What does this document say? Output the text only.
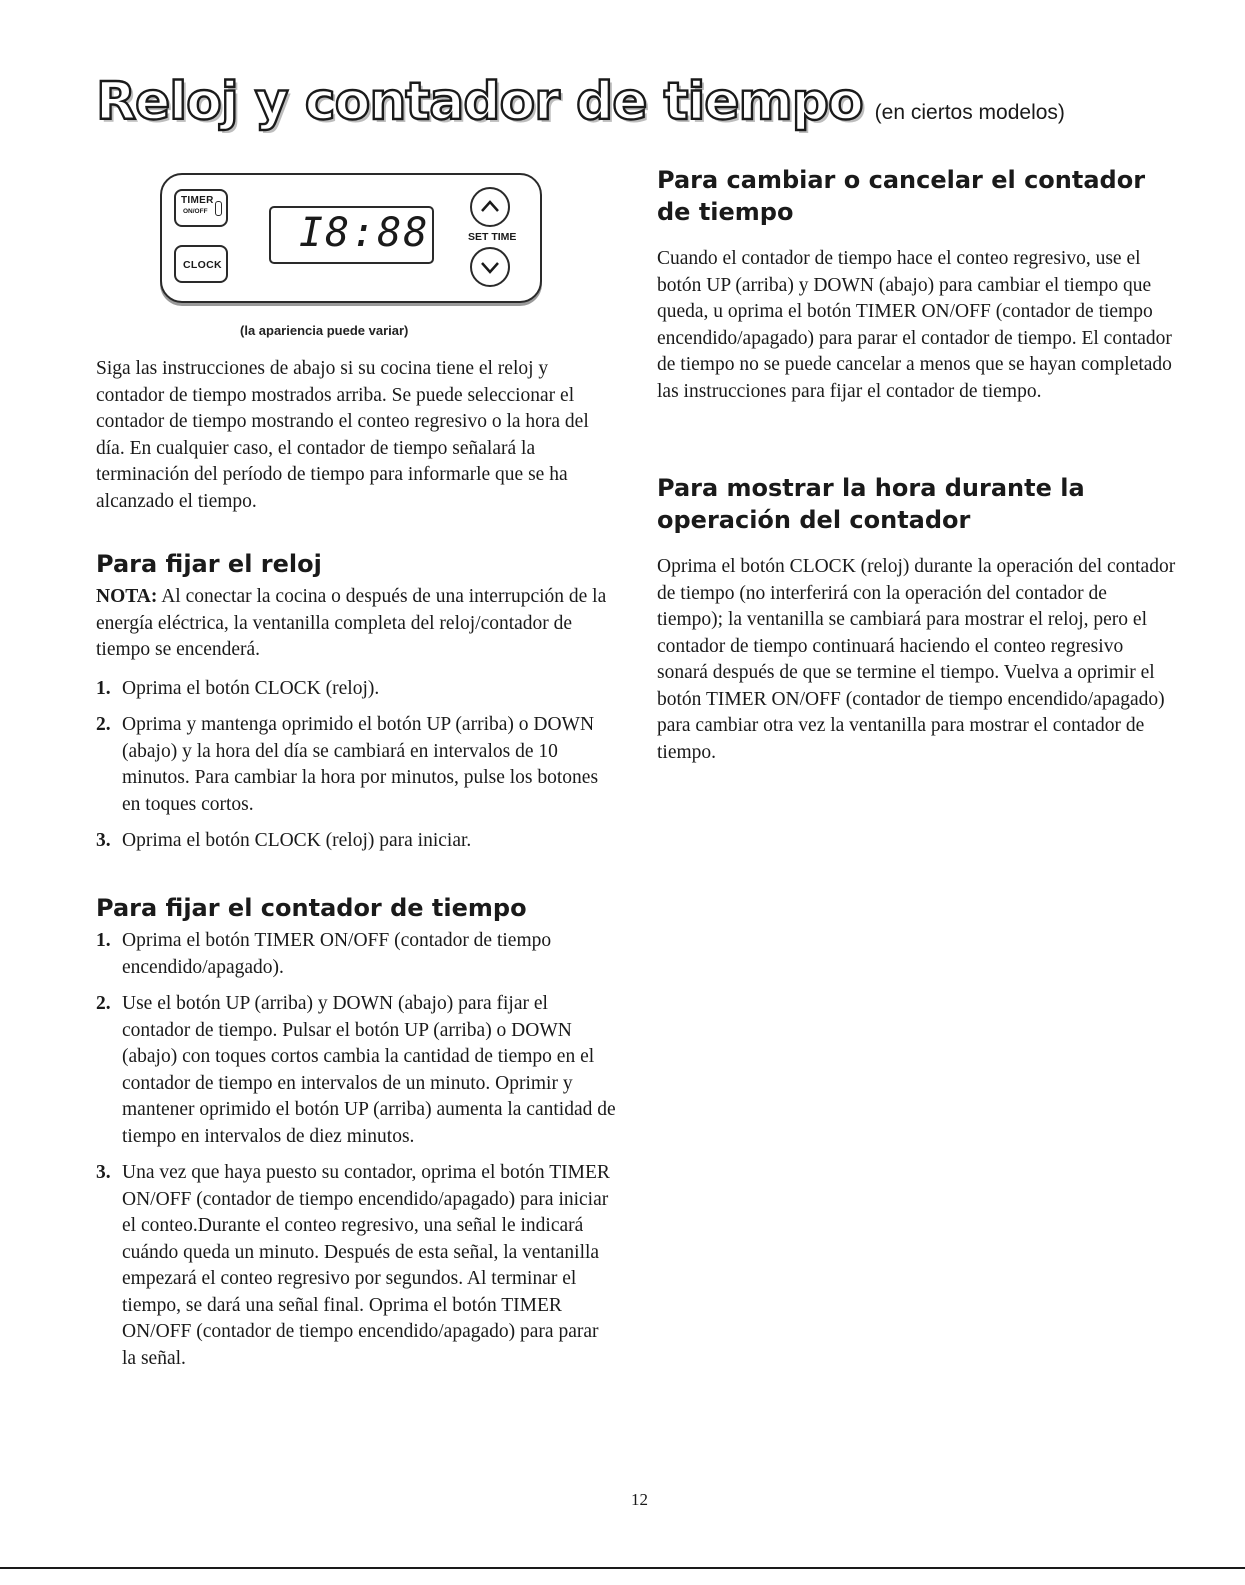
Reloj y contador de tiempo (en ciertos modelos)
TIMER
ON/OFF
CLOCK
I8:88	SET TIME
(la apariencia puede variar)

Siga las instrucciones de abajo si su cocina tiene el reloj y contador de tiempo mostrados arriba. Se puede seleccionar el contador de tiempo mostrando el conteo regresivo o la hora del día. En cualquier caso, el contador de tiempo señalará la terminación del período de tiempo para informarle que se ha alcanzado el tiempo.

Para fijar el reloj

NOTA: Al conectar la cocina o después de una interrupción de la energía eléctrica, la ventanilla completa del reloj/contador de tiempo se encenderá.

1. Oprima el botón CLOCK (reloj).
2. Oprima y mantenga oprimido el botón UP (arriba) o DOWN (abajo) y la hora del día se cambiará en intervalos de 10 minutos. Para cambiar la hora por minutos, pulse los botones en toques cortos.
3. Oprima el botón CLOCK (reloj) para iniciar.
Para fijar el contador de tiempo
1. Oprima el botón TIMER ON/OFF (contador de tiempo encendido/apagado).
2. Use el botón UP (arriba) y DOWN (abajo) para fijar el contador de tiempo. Pulsar el botón UP (arriba) o DOWN (abajo) con toques cortos cambia la cantidad de tiempo en el contador de tiempo en intervalos de un minuto. Oprimir y mantener oprimido el botón UP (arriba) aumenta la cantidad de tiempo en intervalos de diez minutos.
3. Una vez que haya puesto su contador, oprima el botón TIMER ON/OFF (contador de tiempo encendido/apagado) para iniciar el conteo.Durante el conteo regresivo, una señal le indicará cuándo queda un minuto. Después de esta señal, la ventanilla empezará el conteo regresivo por segundos. Al terminar el tiempo, se dará una señal final. Oprima el botón TIMER ON/OFF (contador de tiempo encendido/apagado) para parar la señal.
Para cambiar o cancelar el contador de tiempo

Cuando el contador de tiempo hace el conteo regresivo, use el botón UP (arriba) y DOWN (abajo) para cambiar el tiempo que queda, u oprima el botón TIMER ON/OFF (contador de tiempo encendido/apagado) para parar el contador de tiempo. El contador de tiempo no se puede cancelar a menos que se hayan completado las instrucciones para fijar el contador de tiempo.

Para mostrar la hora durante la operación del contador

Oprima el botón CLOCK (reloj) durante la operación del contador de tiempo (no interferirá con la operación del contador de tiempo); la ventanilla se cambiará para mostrar el reloj, pero el contador de tiempo continuará haciendo el conteo regresivo sonará después de que se termine el tiempo. Vuelva a oprimir el botón TIMER ON/OFF (contador de tiempo encendido/apagado) para cambiar otra vez la ventanilla para mostrar el contador de tiempo.

12
